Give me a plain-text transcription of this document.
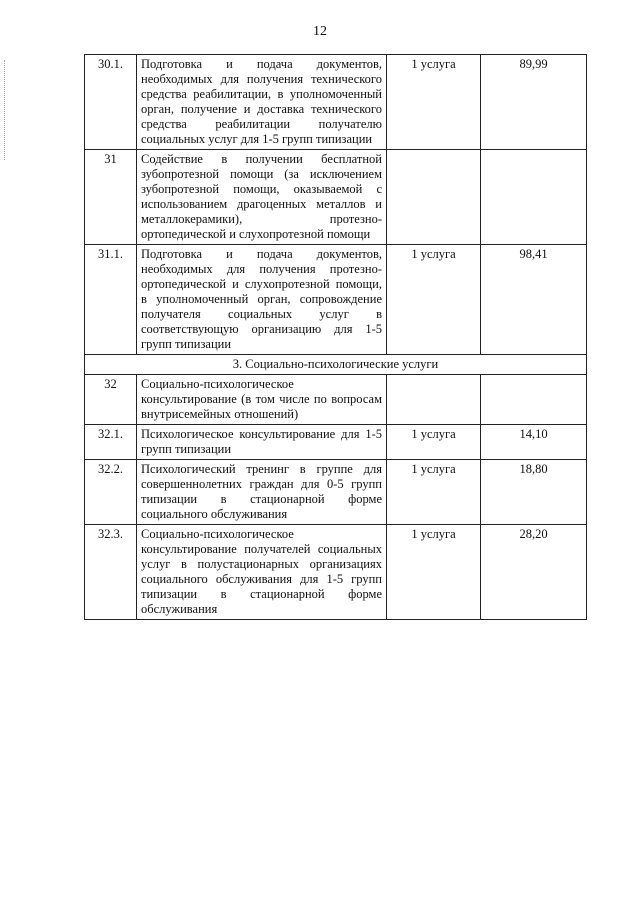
12
30.1.	Подготовка и подача документов, необходимых для получения технического средства реабилитации, в уполномоченный орган, получение и доставка технического средства реабилитации получателю социальных услуг для 1-5 групп типизации	1 услуга	89,99
31	Содействие в получении бесплатной зубопротезной помощи (за исключением зубопротезной помощи, оказываемой с использованием драгоценных металлов и металлокерамики), протезно-ортопедической и слухопротезной помощи		
31.1.	Подготовка и подача документов, необходимых для получения протезно-ортопедической и слухопротезной помощи, в уполномоченный орган, сопровождение получателя социальных услуг в соответствующую организацию для 1-5 групп типизации	1 услуга	98,41
3. Социально-психологические услуги			
32	Социально-психологическое консультирование (в том числе по вопросам внутрисемейных отношений)		
32.1.	Психологическое консультирование для 1-5 групп типизации	1 услуга	14,10
32.2.	Психологический тренинг в группе для совершеннолетних граждан для 0-5 групп типизации в стационарной форме социального обслуживания	1 услуга	18,80
32.3.	Социально-психологическое консультирование получателей социальных услуг в полустационарных организациях социального обслуживания для 1-5 групп типизации в стационарной форме обслуживания	1 услуга	28,20
